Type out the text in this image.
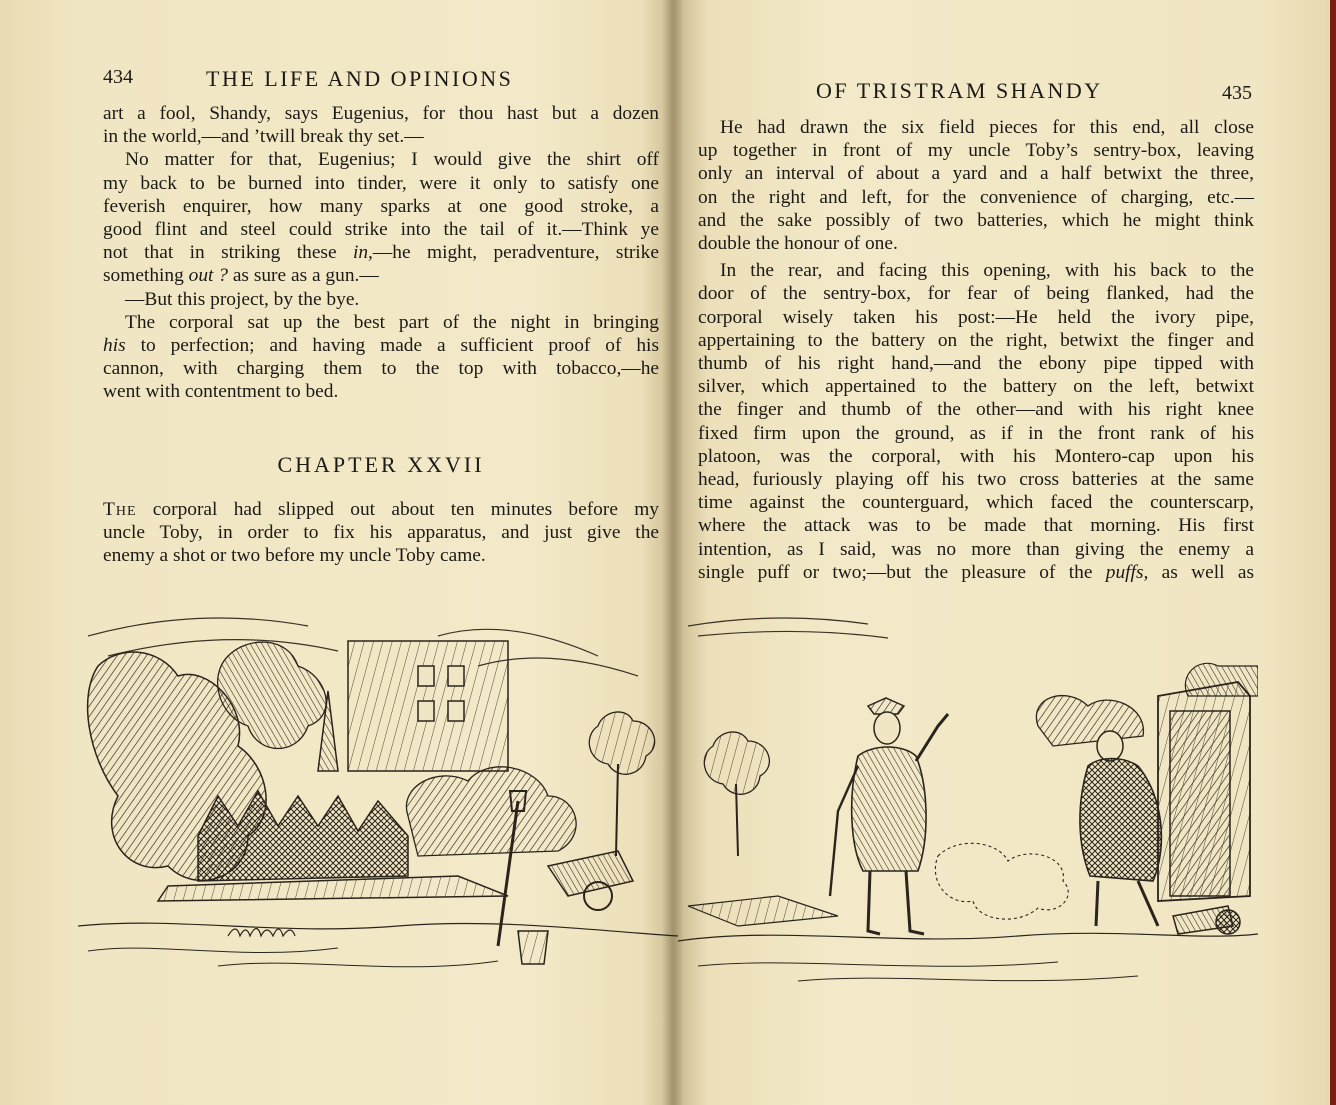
434	THE LIFE AND OPINIONS
art a fool, Shandy, says Eugenius, for thou hast but a dozen
in the world,—and ’twill break thy set.—
No matter for that, Eugenius; I would give the shirt off
my back to be burned into tinder, were it only to satisfy one
feverish enquirer, how many sparks at one good stroke, a
good flint and steel could strike into the tail of it.—Think ye
not that in striking these in,—he might, peradventure, strike
something out ? as sure as a gun.—
—But this project, by the bye.
The corporal sat up the best part of the night in bringing
his to perfection; and having made a sufficient proof of his
cannon, with charging them to the top with tobacco,—he
went with contentment to bed.
CHAPTER XXVII
The corporal had slipped out about ten minutes before my
uncle Toby, in order to fix his apparatus, and just give the
enemy a shot or two before my uncle Toby came.
OF TRISTRAM SHANDY	435
He had drawn the six field pieces for this end, all close
up together in front of my uncle Toby’s sentry-box, leaving
only an interval of about a yard and a half betwixt the three,
on the right and left, for the convenience of charging, etc.—
and the sake possibly of two batteries, which he might think
double the honour of one.
In the rear, and facing this opening, with his back to the
door of the sentry-box, for fear of being flanked, had the
corporal wisely taken his post:—He held the ivory pipe,
appertaining to the battery on the right, betwixt the finger and
thumb of his right hand,—and the ebony pipe tipped with
silver, which appertained to the battery on the left, betwixt
the finger and thumb of the other—and with his right knee
fixed firm upon the ground, as if in the front rank of his
platoon, was the corporal, with his Montero-cap upon his
head, furiously playing off his two cross batteries at the same
time against the counterguard, which faced the counterscarp,
where the attack was to be made that morning. His first
intention, as I said, was no more than giving the enemy a
single puff or two;—but the pleasure of the puffs, as well as
